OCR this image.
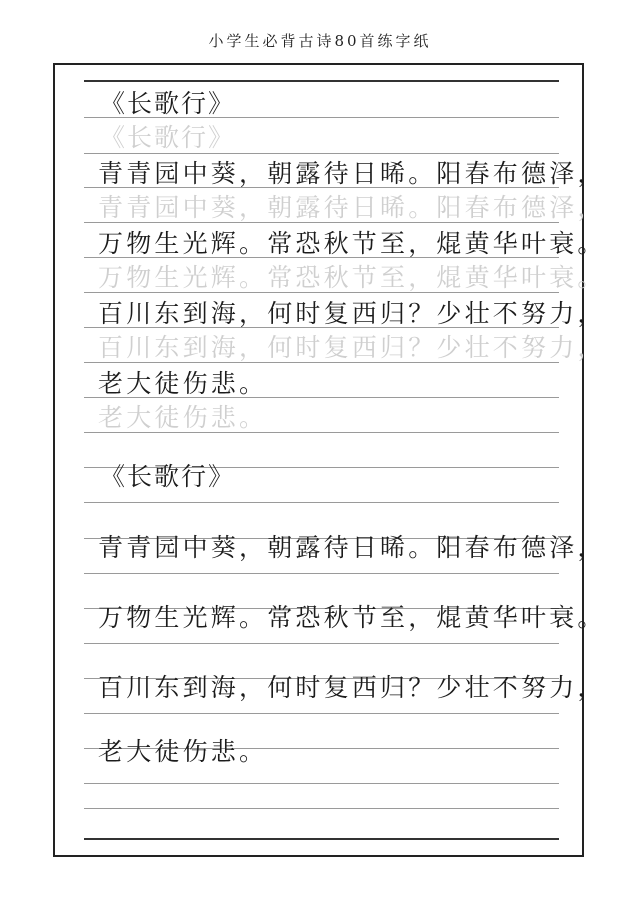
小学生必背古诗80首练字纸
《长歌行》
《长歌行》
青青园中葵，朝露待日晞。阳春布德泽，
青青园中葵，朝露待日晞。阳春布德泽，
万物生光辉。常恐秋节至，焜黄华叶衰。
万物生光辉。常恐秋节至，焜黄华叶衰。
百川东到海，何时复西归？少壮不努力，
百川东到海，何时复西归？少壮不努力，
老大徒伤悲。
老大徒伤悲。
《长歌行》
青青园中葵，朝露待日晞。阳春布德泽，
万物生光辉。常恐秋节至，焜黄华叶衰。
百川东到海，何时复西归？少壮不努力，
老大徒伤悲。
